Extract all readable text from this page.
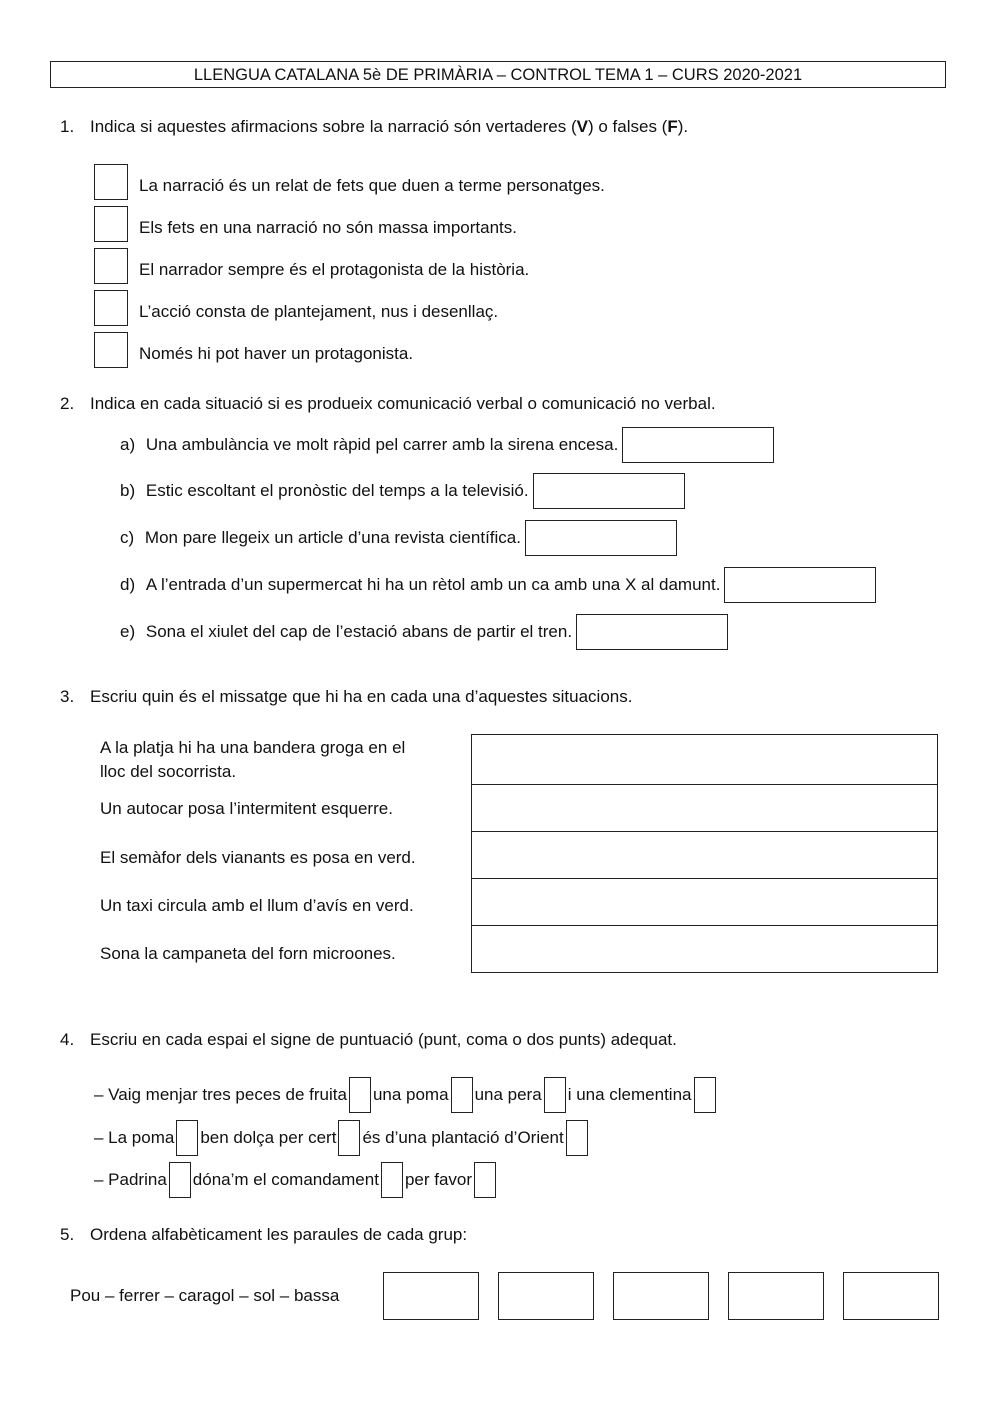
LLENGUA CATALANA 5è DE PRIMÀRIA – CONTROL TEMA 1 – CURS 2020-2021
1. Indica si aquestes afirmacions sobre la narració són vertaderes (V) o falses (F).
La narració és un relat de fets que duen a terme personatges.
Els fets en una narració no són massa importants.
El narrador sempre és el protagonista de la història.
L’acció consta de plantejament, nus i desenllaç.
Només hi pot haver un protagonista.
2. Indica en cada situació si es produeix comunicació verbal o comunicació no verbal.
a)
Una ambulància ve molt ràpid pel carrer amb la sirena encesa.
b)
Estic escoltant el pronòstic del temps a la televisió.
c)
Mon pare llegeix un article d’una revista científica.
d)
A l’entrada d’un supermercat hi ha un rètol amb un ca amb una X al damunt.
e)
Sona el xiulet del cap de l’estació abans de partir el tren.
3. Escriu quin és el missatge que hi ha en cada una d’aquestes situacions.
A la platja hi ha una bandera groga en el
lloc del socorrista.
Un autocar posa l’intermitent esquerre.
El semàfor dels vianants es posa en verd.
Un taxi circula amb el llum d’avís en verd.
Sona la campaneta del forn microones.

4. Escriu en cada espai el signe de puntuació (punt, coma o dos punts) adequat.
– Vaig menjar tres peces de fruita una poma una pera i una clementina
– La poma ben dolça per cert és d’una plantació d’Orient
– Padrina dóna’m el comandament per favor
5. Ordena alfabèticament les paraules de cada grup:
Pou – ferrer – caragol – sol – bassa
